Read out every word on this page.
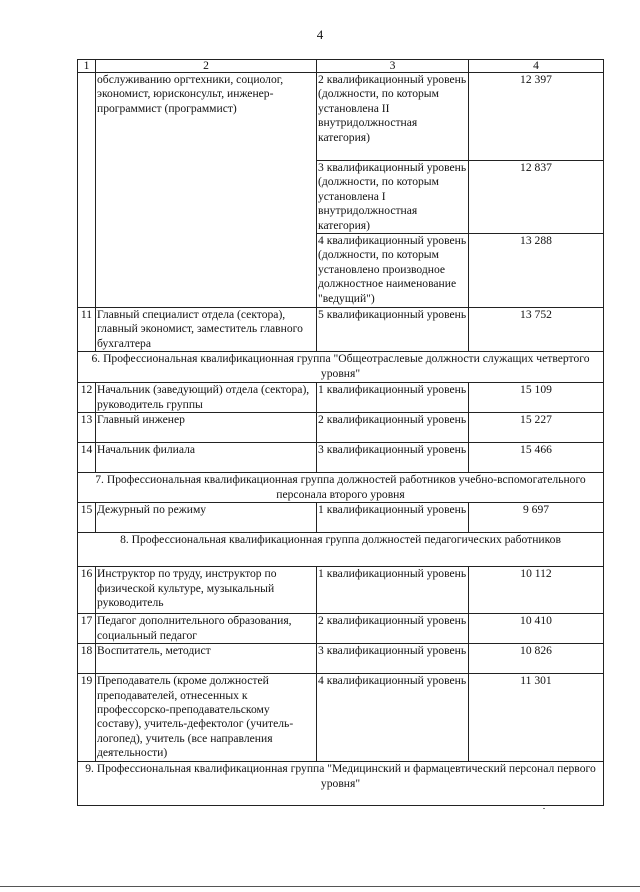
4
1	2	3	4
	обслуживанию оргтехники, социолог, экономист, юрисконсульт, инженер-программист (программист)	2 квалификационный уровень (должности, по которым установлена II внутридолжностная категория)	12 397
		3 квалификационный уровень (должности, по которым установлена I внутридолжностная категория)	12 837
		4 квалификационный уровень (должности, по которым установлено производное должностное наименование "ведущий")	13 288
11	Главный специалист отдела (сектора), главный экономист, заместитель главного бухгалтера	5 квалификационный уровень	13 752
6. Профессиональная квалификационная группа "Общеотраслевые должности служащих четвертого уровня"			
12	Начальник (заведующий) отдела (сектора), руководитель группы	1 квалификационный уровень	15 109
13	Главный инженер	2 квалификационный уровень	15 227
14	Начальник филиала	3 квалификационный уровень	15 466
7. Профессиональная квалификационная группа должностей работников учебно-вспомогательного персонала второго уровня			
15	Дежурный по режиму	1 квалификационный уровень	9 697
8. Профессиональная квалификационная группа должностей педагогических работников			
16	Инструктор по труду, инструктор по физической культуре, музыкальный руководитель	1 квалификационный уровень	10 112
17	Педагог дополнительного образования, социальный педагог	2 квалификационный уровень	10 410
18	Воспитатель, методист	3 квалификационный уровень	10 826
19	Преподаватель (кроме должностей преподавателей, отнесенных к профессорско-преподавательскому составу), учитель-дефектолог (учитель-логопед), учитель (все направления деятельности)	4 квалификационный уровень	11 301
9. Профессиональная квалификационная группа "Медицинский и фармацевтический персонал первого уровня"			
